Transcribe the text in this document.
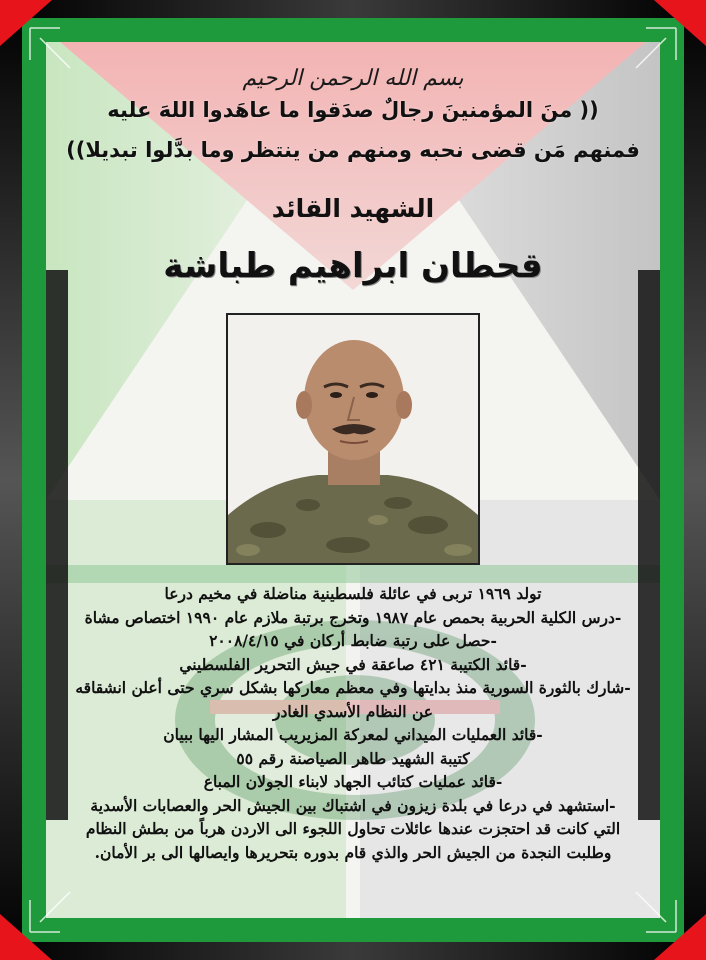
بسم الله الرحمن الرحيم
(( منَ المؤمنينَ رجالٌ صدَقوا ما عاهَدوا اللهَ عليه
فمنهم مَن قضى نحبه ومنهم من ينتظر وما بدَّلوا تبديلا))
الشهيد القائد
قحطان ابراهيم طباشة
تولد ١٩٦٩ تربى في عائلة فلسطينية مناضلة في مخيم درعا
-درس الكلية الحربية بحمص عام ١٩٨٧ وتخرج برتبة ملازم عام ١٩٩٠ اختصاص مشاة
-حصل على رتبة ضابط أركان في ٢٠٠٨/٤/١٥
-قائد الكتيبة ٤٢١ صاعقة في جيش التحرير الفلسطيني
-شارك بالثورة السورية منذ بدايتها وفي معظم معاركها بشكل سري حتى أعلن انشقاقه
عن النظام الأسدي الغادر
-قائد العمليات الميداني لمعركة المزيريب المشار اليها ببيان
كتيبة الشهيد طاهر الصياصنة رقم ٥٥
-قائد عمليات كتائب الجهاد لابناء الجولان المباع
-استشهد في درعا في بلدة زيزون في اشتباك بين الجيش الحر والعصابات الأسدية
التي كانت قد احتجزت عندها عائلات تحاول اللجوء الى الاردن هرباً من بطش النظام
وطلبت النجدة من الجيش الحر والذي قام بدوره بتحريرها وايصالها الى بر الأمان.
